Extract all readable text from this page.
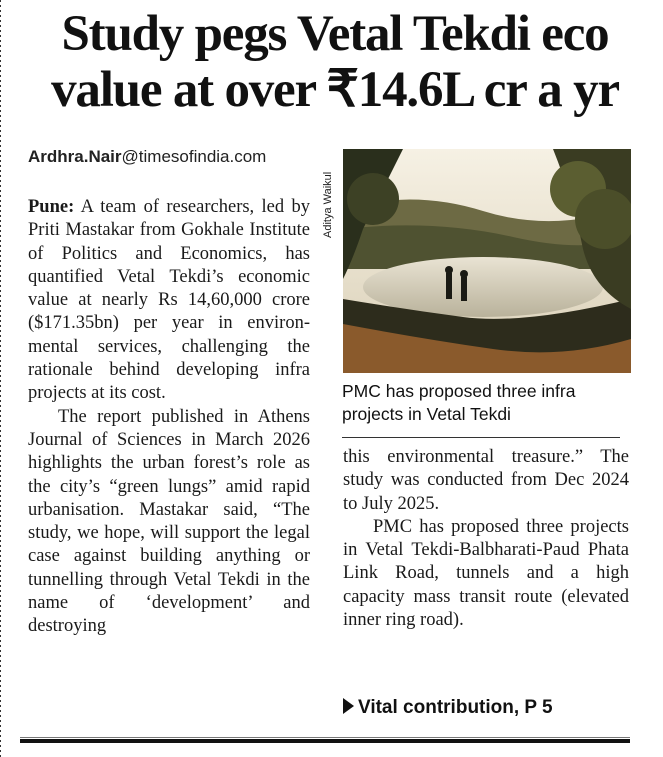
Study pegs Vetal Tekdi eco value at over ₹14.6L cr a yr
Ardhra.Nair@timesofindia.com

Pune: A team of researchers, led by Priti Mastakar from Gokhale Institute of Politics and Economics, has quantified Vetal Tekdi’s economic value at nearly Rs 14,60,000 crore ($171.35bn) per year in environmental services, challenging the rationale behind developing infra projects at its cost.

The report published in Athens Journal of Sciences in March 2026 highlights the urban forest’s role as the city’s “green lungs” amid rapid urbanisation. Mastakar said, “The study, we hope, will support the legal case against building anything or tunnelling through Vetal Tekdi in the name of ‘development’ and destroying

Aditya Waikul

PMC has proposed three infra projects in Vetal Tekdi

this environmental treasure.” The study was conducted from Dec 2024 to July 2025.

PMC has proposed three projects in Vetal Tekdi-Balbharati-Paud Phata Link Road, tunnels and a high capacity mass transit route (elevated inner ring road).

Vital contribution, P 5
